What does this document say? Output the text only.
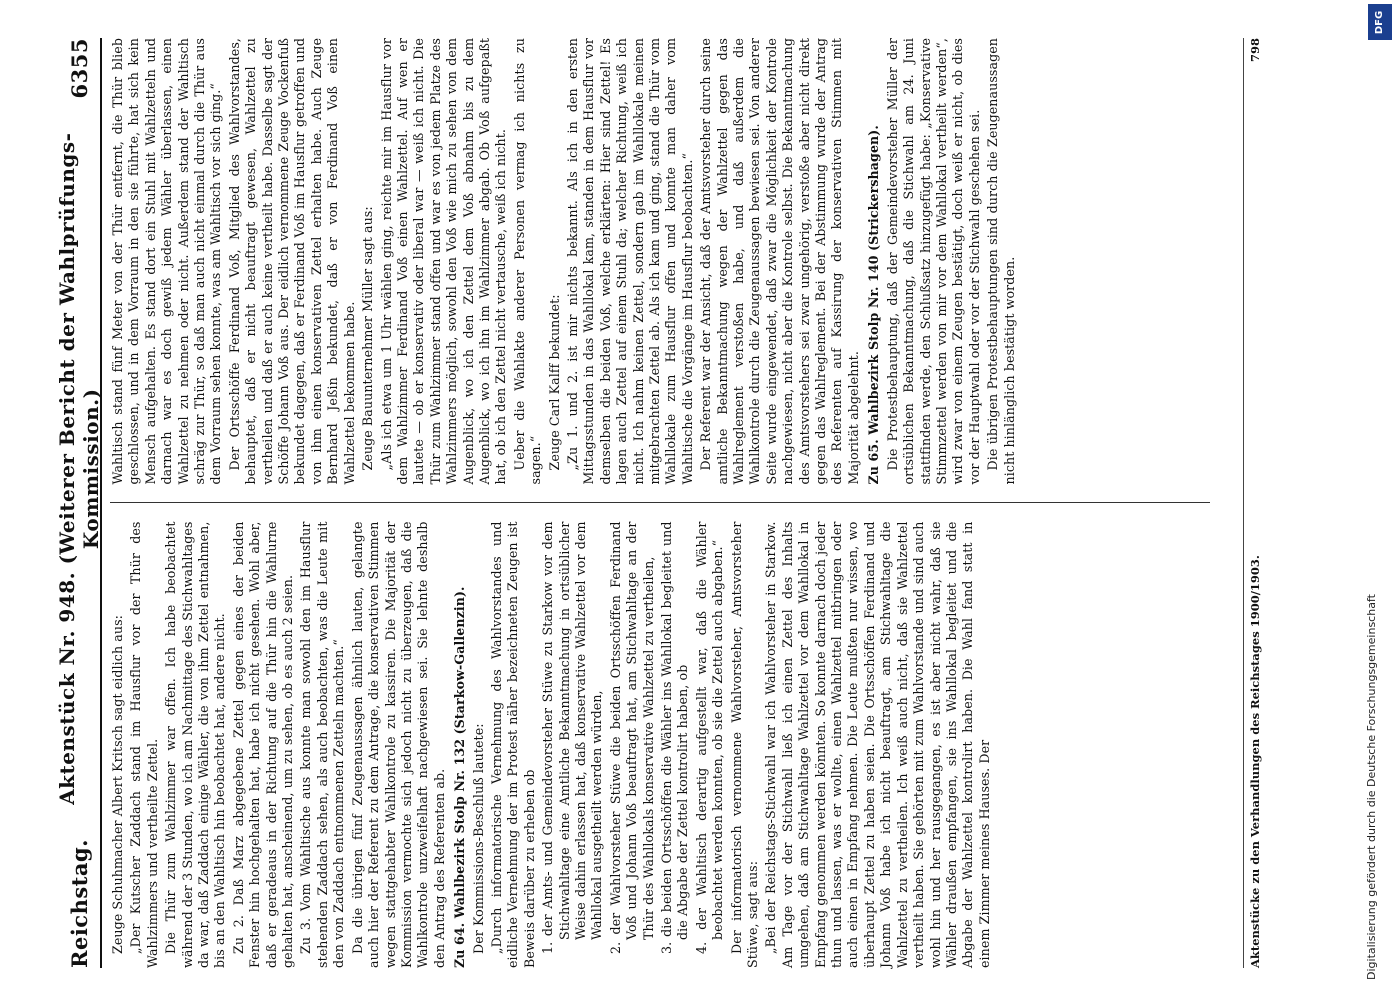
Reichstag.
Aktenstück Nr. 948. (Weiterer Bericht der Wahlprüfungs-Kommission.)
6355

Zeuge Schuhmacher Albert Kritsch sagt eidlich aus: „Der Kutscher Zaddach stand im Hausflur vor der Thür des Wahlzimmers und vertheilte Zettel. Die Thür zum Wahlzimmer war offen. Ich habe beobachtet während der 3 Stunden, wo ich am Nachmittage des Stichwahltages da war, daß Zaddach einige Wähler, die von ihm Zettel entnahmen, bis an den Wahltisch hin beobachtet hat, andere nicht. Zu 2. Daß Marz abgegebene Zettel gegen eines der beiden Fenster hin hochgehalten hat, habe ich nicht gesehen. Wohl aber, daß er geradeaus in der Richtung auf die Thür hin die Wahlurne gehalten hat, anscheinend, um zu sehen, ob es auch 2 seien. Zu 3. Vom Wahltische aus konnte man sowohl den im Hausflur stehenden Zaddach sehen, als auch beobachten, was die Leute mit den von Zaddach entnommenen Zetteln machten.“ Da die übrigen fünf Zeugenaussagen ähnlich lauten, gelangte auch hier der Referent zu dem Antrage, die konservativen Stimmen wegen stattgehabter Wahlkontrole zu kassiren. Die Majorität der Kommission vermochte sich jedoch nicht zu überzeugen, daß die Wahlkontrole unzweifelhaft nachgewiesen sei. Sie lehnte deshalb den Antrag des Referenten ab. Zu 64. Wahlbezirk Stolp Nr. 132 (Starkow-Gallenzin). Der Kommissions-Beschluß lautete: „Durch informatorische Vernehmung des Wahlvorstandes und eidliche Vernehmung der im Protest näher bezeichneten Zeugen ist Beweis darüber zu erheben ob 1. der Amts- und Gemeindevorsteher Stüwe zu Starkow vor dem Stichwahltage eine Amtliche Bekanntmachung in ortsüblicher Weise dahin erlassen hat, daß konservative Wahlzettel vor dem Wahllokal ausgetheilt werden würden, 2. der Wahlvorsteher Stüwe die beiden Ortsschöffen Ferdinand Voß und Johann Voß beauftragt hat, am Stichwahltage an der Thür des Wahllokals konservative Wahlzettel zu vertheilen, 3. die beiden Ortsschöffen die Wähler ins Wahllokal begleitet und die Abgabe der Zettel kontrolirt haben, ob 4. der Wahltisch derartig aufgestellt war, daß die Wähler beobachtet werden konnten, ob sie die Zettel auch abgaben.“ Der informatorisch vernommene Wahlvorsteher, Amtsvorsteher Stüwe, sagt aus: „Bei der Reichstags-Stichwahl war ich Wahlvorsteher in Starkow. Am Tage vor der Stichwahl ließ ich einen Zettel des Inhalts umgehen, daß am Stichwahltage Wahlzettel vor dem Wahllokal in Empfang genommen werden könnten. So konnte darnach doch jeder thun und lassen, was er wollte, einen Wahlzettel mitbringen oder auch einen in Empfang nehmen. Die Leute mußten nur wissen, wo überhaupt Zettel zu haben seien. Die Ortsschöffen Ferdinand und Johann Voß habe ich nicht beauftragt, am Stichwahltage die Wahlzettel zu vertheilen. Ich weiß auch nicht, daß sie Wahlzettel vertheilt haben. Sie gehörten mit zum Wahlvorstande und sind auch wohl hin und her rausgegangen, es ist aber nicht wahr, daß sie Wähler draußen empfangen, sie ins Wahllokal begleitet und die Abgabe der Wahlzettel kontrolirt haben. Die Wahl fand statt in einem Zimmer meines Hauses. Der

Wahltisch stand fünf Meter von der Thür entfernt, die Thür blieb geschlossen, und in dem Vorraum in den sie führte, hat sich kein Mensch aufgehalten. Es stand dort ein Stuhl mit Wahlzetteln und darnach war es doch gewiß jedem Wähler überlassen, einen Wahlzettel zu nehmen oder nicht. Außerdem stand der Wahltisch schräg zur Thür, so daß man auch nicht einmal durch die Thür aus dem Vorraum sehen konnte, was am Wahltisch vor sich ging.“ Der Ortsschöffe Ferdinand Voß, Mitglied des Wahlvorstandes, behauptet, daß er nicht beauftragt gewesen, Wahlzettel zu vertheilen und daß er auch keine vertheilt habe. Dasselbe sagt der Schöffe Johann Voß aus. Der eidlich vernommene Zeuge Vockenfuß bekundet dagegen, daß er Ferdinand Voß im Hausflur getroffen und von ihm einen konservativen Zettel erhalten habe. Auch Zeuge Bernhard Jeßin bekundet, daß er von Ferdinand Voß einen Wahlzettel bekommen habe. Zeuge Bauunternehmer Müller sagt aus: „Als ich etwa um 1 Uhr wählen ging, reichte mir im Hausflur vor dem Wahlzimmer Ferdinand Voß einen Wahlzettel. Auf wen er lautete — ob er konservativ oder liberal war — weiß ich nicht. Die Thür zum Wahlzimmer stand offen und war es von jedem Platze des Wahlzimmers möglich, sowohl den Voß wie mich zu sehen von dem Augenblick, wo ich den Zettel dem Voß abnahm bis zu dem Augenblick, wo ich ihn im Wahlzimmer abgab. Ob Voß aufgepaßt hat, ob ich den Zettel nicht vertausche, weiß ich nicht. Ueber die Wahlakte anderer Personen vermag ich nichts zu sagen.“ Zeuge Carl Kalff bekundet: „Zu 1. und 2. ist mir nichts bekannt. Als ich in den ersten Mittagsstunden in das Wahllokal kam, standen in dem Hausflur vor demselben die beiden Voß, welche erklärten: Hier sind Zettel! Es lagen auch Zettel auf einem Stuhl da; welcher Richtung, weiß ich nicht. Ich nahm keinen Zettel, sondern gab im Wahllokale meinen mitgebrachten Zettel ab. Als ich kam und ging, stand die Thür vom Wahllokale zum Hausflur offen und konnte man daher vom Wahltische die Vorgänge im Hausflur beobachten.“ Der Referent war der Ansicht, daß der Amtsvorsteher durch seine amtliche Bekanntmachung wegen der Wahlzettel gegen das Wahlreglement verstoßen habe, und daß außerdem die Wahlkontrole durch die Zeugenaussagen bewiesen sei. Von anderer Seite wurde eingewendet, daß zwar die Möglichkeit der Kontrole nachgewiesen, nicht aber die Kontrole selbst. Die Bekanntmachung des Amtsvorstehers sei zwar ungehörig, verstoße aber nicht direkt gegen das Wahlreglement. Bei der Abstimmung wurde der Antrag des Referenten auf Kassirung der konservativen Stimmen mit Majorität abgelehnt. Zu 65. Wahlbezirk Stolp Nr. 140 (Strickershagen). Die Protestbehauptung, daß der Gemeindevorsteher Müller der ortsüblichen Bekanntmachung, daß die Stichwahl am 24. Juni stattfinden werde, den Schlußsatz hinzugefügt habe: „Konservative Stimmzettel werden von mir vor dem Wahllokal vertheilt werden“, wird zwar von einem Zeugen bestätigt, doch weiß er nicht, ob dies vor der Hauptwahl oder vor der Stichwahl geschehen sei. Die übrigen Protestbehauptungen sind durch die Zeugenaussagen nicht hinlänglich bestätigt worden.

Aktenstücke zu den Verhandlungen des Reichstages 1900/1903.
798
Digitalisierung gefördert durch die Deutsche Forschungsgemeinschaft
DFG
